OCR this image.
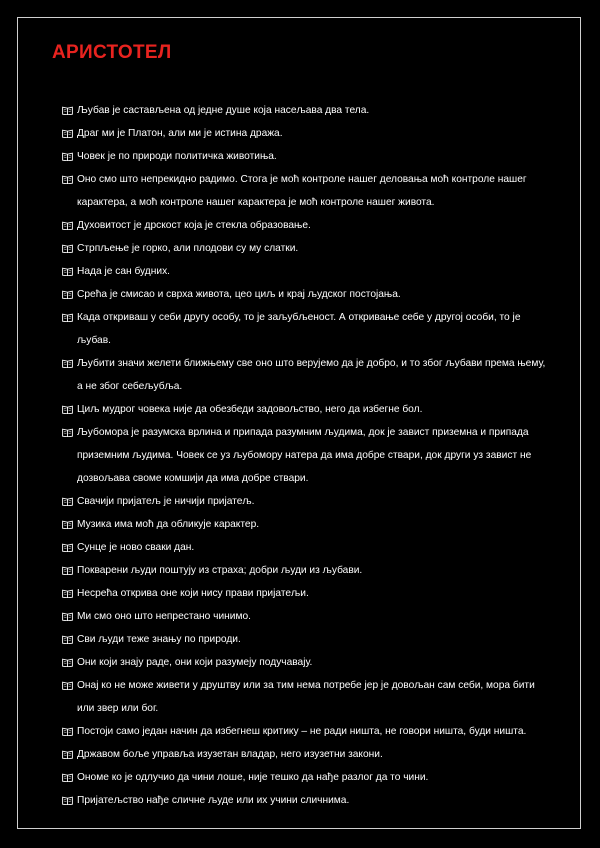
АРИСТОТЕЛ
Љубав је састављена од једне душе која насељава два тела.
Драг ми је Платон, али ми је истина дража.
Човек је по природи политичка животиња.
Оно смо што непрекидно радимо. Стога је моћ контроле нашег деловања моћ контроле нашег карактера, а моћ контроле нашег карактера је моћ контроле нашег живота.
Духовитост је дрскост која је стекла образовање.
Стрпљење је горко, али плодови су му слатки.
Нада је сан будних.
Срећа је смисао и сврха живота, цео циљ и крај људског постојања.
Када откриваш у себи другу особу, то је заљубљеност. А откривање себе у другој особи, то је љубав.
Љубити значи желети ближњему све оно што верујемо да је добро, и то због љубави према њему, а не због себељубља.
Циљ мудрог човека није да обезбеди задовољство, него да избегне бол.
Љубомора је разумска врлина и припада разумним људима, док је завист приземна и припада приземним људима. Човек се уз љубомору натера да има добре ствари, док други уз завист не дозвољава своме комшији да има добре ствари.
Свачији пријатељ је ничији пријатељ.
Музика има моћ да обликује карактер.
Сунце је ново сваки дан.
Покварени људи поштују из страха; добри људи из љубави.
Несрећа открива оне који нису прави пријатељи.
Ми смо оно што непрестано чинимо.
Сви људи теже знању по природи.
Они који знају раде, они који разумеју подучавају.
Онај ко не може живети у друштву или за тим нема потребе јер је довољан сам себи, мора бити или звер или бог.
Постоји само један начин да избегнеш критику – не ради ништа, не говори ништа, буди ништа.
Државом боље управља изузетан владар, него изузетни закони.
Ономе ко је одлучио да чини лоше, није тешко да нађе разлог да то чини.
Пријатељство нађе сличне људе или их учини сличнима.
